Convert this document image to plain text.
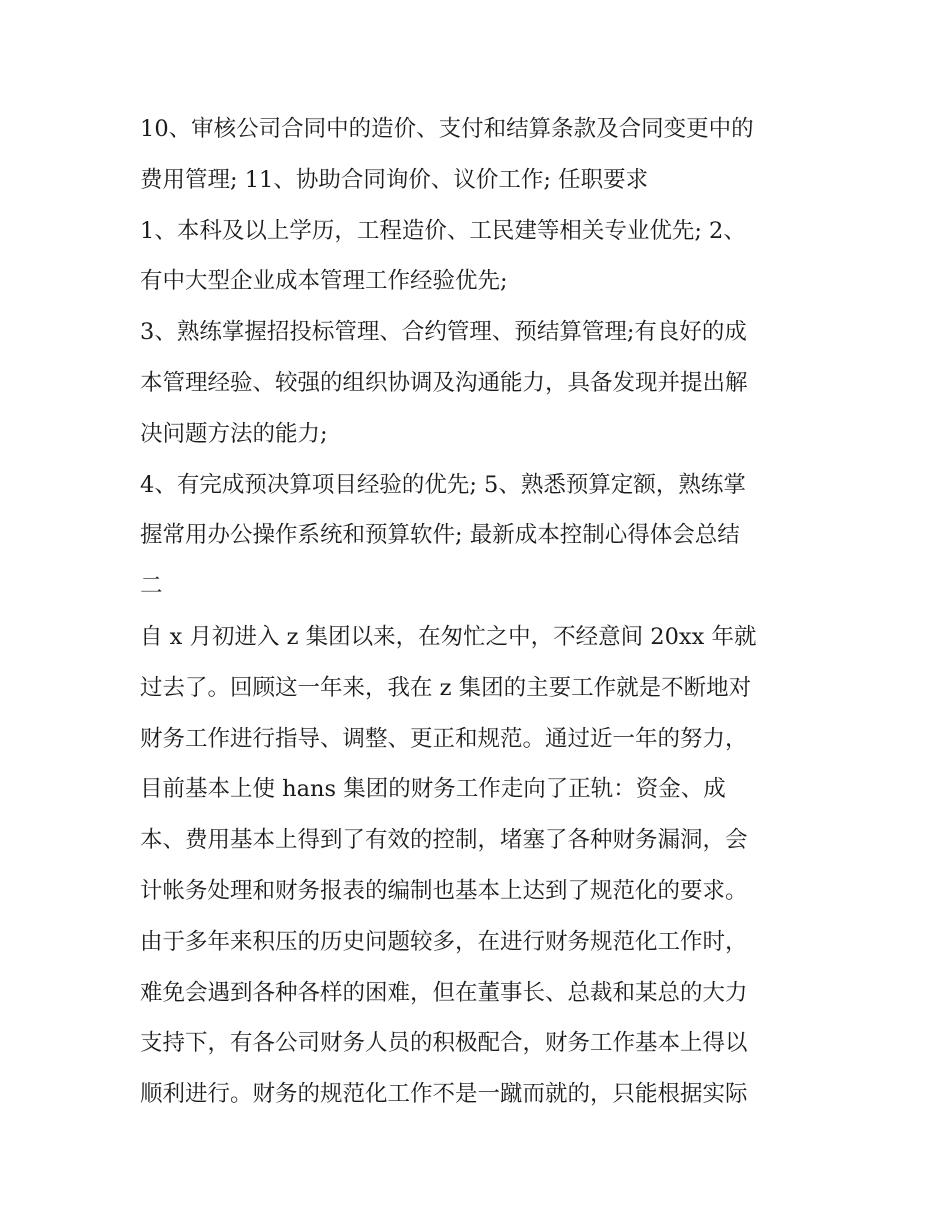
10、审核公司合同中的造价、支付和结算条款及合同变更中的
费用管理; 11、协助合同询价、议价工作; 任职要求
1、本科及以上学历，工程造价、工民建等相关专业优先; 2、
有中大型企业成本管理工作经验优先;
3、熟练掌握招投标管理、合约管理、预结算管理;有良好的成
本管理经验、较强的组织协调及沟通能力，具备发现并提出解
决问题方法的能力;
4、有完成预决算项目经验的优先; 5、熟悉预算定额，熟练掌
握常用办公操作系统和预算软件; 最新成本控制心得体会总结
二
自 x 月初进入 z 集团以来，在匆忙之中，不经意间 20xx 年就
过去了。回顾这一年来，我在 z 集团的主要工作就是不断地对
财务工作进行指导、调整、更正和规范。通过近一年的努力，
目前基本上使 hans 集团的财务工作走向了正轨：资金、成
本、费用基本上得到了有效的控制，堵塞了各种财务漏洞，会
计帐务处理和财务报表的编制也基本上达到了规范化的要求。
由于多年来积压的历史问题较多，在进行财务规范化工作时，
难免会遇到各种各样的困难，但在董事长、总裁和某总的大力
支持下，有各公司财务人员的积极配合，财务工作基本上得以
顺利进行。财务的规范化工作不是一蹴而就的，只能根据实际
